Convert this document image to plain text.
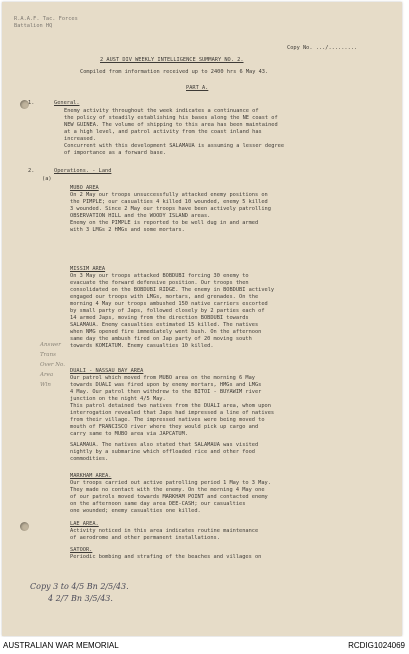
R.A.A.F. Tac. Forces
Battalion HQ
Copy No. .../.........
2 AUST DIV WEEKLY INTELLIGENCE SUMMARY NO. 2.
Compiled from information received up to 2400 hrs 6 May 43.
PART A.
1.	General.
Enemy activity throughout the week indicates a continuance of
the policy of steadily establishing his bases along the NE coast of
NEW GUINEA. The volume of shipping to this area has been maintained
at a high level, and patrol activity from the coast inland has
increased.
Concurrent with this development SALAMAUA is assuming a lesser degree
of importance as a forward base.
2.	Operations. - Land
(a)
MUBO AREA
On 2 May our troops unsuccessfully attacked enemy positions on
the PIMPLE; our casualties 4 killed 10 wounded, enemy 5 killed
3 wounded. Since 2 May our troops have been actively patrolling
OBSERVATION HILL and the WOODY ISLAND areas.
Enemy on the PIMPLE is reported to be well dug in and armed
with 3 LMGs 2 HMGs and some mortars.
MISSIM AREA
On 3 May our troops attacked BOBDUBI forcing 30 enemy to
evacuate the forward defensive position. Our troops then
consolidated on the BOBDUBI RIDGE. The enemy in BOBDUBI actively
engaged our troops with LMGs, mortars, and grenades. On the
morning 4 May our troops ambushed 150 native carriers escorted
by small party of Japs, followed closely by 2 parties each of
14 armed Japs, moving from the direction BOBDUBI towards
SALAMAUA. Enemy casualties estimated 15 killed. The natives
when NMG opened fire immediately went bush. On the afternoon
same day the ambush fired on Jap party of 20 moving south
towards KOMIATUM. Enemy casualties 10 killed.
DUALI - NASSAU BAY AREA
Our patrol which moved from MUBO area on the morning 6 May
towards DUALI was fired upon by enemy mortars, HMGs and LMGs
4 May. Our patrol then withdrew to the BITOI - BUYAWIM river
junction on the night 4/5 May.
This patrol detained two natives from the DUALI area, whom upon
interrogation revealed that Japs had impressed a line of natives
from their village. The impressed natives were being moved to
mouth of FRANCISCO river where they would pick up cargo and
carry same to MUBO area via JAPCATUM.
SALAMAUA. The natives also stated that SALAMAUA was visited
nightly by a submarine which offloaded rice and other food
commodities.
MARKHAM AREA.
Our troops carried out active patrolling period 1 May to 3 May.
They made no contact with the enemy. On the morning 4 May one
of our patrols moved towards MARKHAM POINT and contacted enemy
on the afternoon same day area DEE-CASH; our casualties
one wounded; enemy casualties one killed.
LAE AREA.
Activity noticed in this area indicates routine maintenance
of aerodrome and other permanent installations.
SATOOR.
Periodic bombing and strafing of the beaches and villages on
Answer
Trans
Over No.
Area
Wln
Copy 3 to 4/5 Bn 2/5/43.
4 2/7 Bn 3/5/43.
AUSTRALIAN WAR MEMORIAL	RCDIG1024069
